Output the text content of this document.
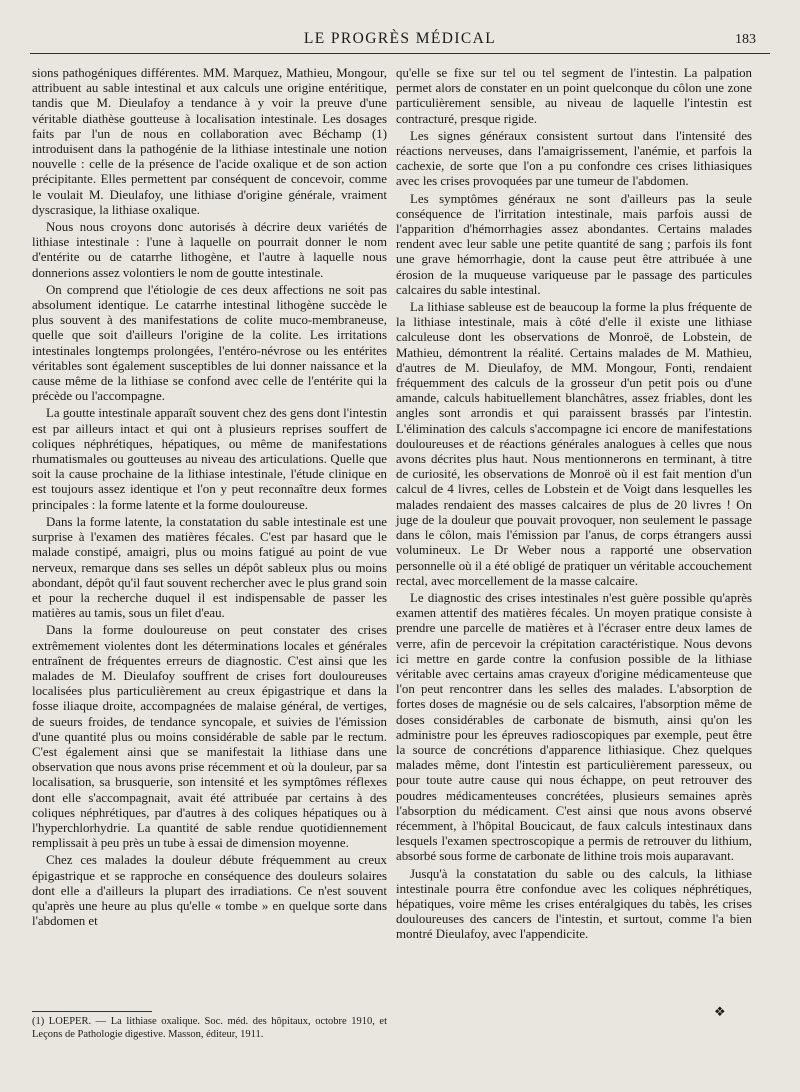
LE PROGRÈS MÉDICAL	183

sions pathogéniques différentes. MM. Marquez, Mathieu, Mongour, attribuent au sable intestinal et aux calculs une origine entéritique, tandis que M. Dieulafoy a tendance à y voir la preuve d'une véritable diathèse goutteuse à localisation intestinale. Les dosages faits par l'un de nous en collaboration avec Béchamp (1) introduisent dans la pathogénie de la lithiase intestinale une notion nouvelle : celle de la présence de l'acide oxalique et de son action précipitante. Elles permettent par conséquent de concevoir, comme le voulait M. Dieulafoy, une lithiase d'origine générale, vraiment dyscrasique, la lithiase oxalique.

Nous nous croyons donc autorisés à décrire deux variétés de lithiase intestinale : l'une à laquelle on pourrait donner le nom d'entérite ou de catarrhe lithogène, et l'autre à laquelle nous donnerions assez volontiers le nom de goutte intestinale.

On comprend que l'étiologie de ces deux affections ne soit pas absolument identique. Le catarrhe intestinal lithogène succède le plus souvent à des manifestations de colite muco-membraneuse, quelle que soit d'ailleurs l'origine de la colite. Les irritations intestinales longtemps prolongées, l'entéro-névrose ou les entérites véritables sont également susceptibles de lui donner naissance et la cause même de la lithiase se confond avec celle de l'entérite qui la précède ou l'accompagne.

La goutte intestinale apparaît souvent chez des gens dont l'intestin est par ailleurs intact et qui ont à plusieurs reprises souffert de coliques néphrétiques, hépatiques, ou même de manifestations rhumatismales ou goutteuses au niveau des articulations. Quelle que soit la cause prochaine de la lithiase intestinale, l'étude clinique en est toujours assez identique et l'on y peut reconnaître deux formes principales : la forme latente et la forme douloureuse.

Dans la forme latente, la constatation du sable intestinale est une surprise à l'examen des matières fécales. C'est par hasard que le malade constipé, amaigri, plus ou moins fatigué au point de vue nerveux, remarque dans ses selles un dépôt sableux plus ou moins abondant, dépôt qu'il faut souvent rechercher avec le plus grand soin et pour la recherche duquel il est indispensable de passer les matières au tamis, sous un filet d'eau.

Dans la forme douloureuse on peut constater des crises extrêmement violentes dont les déterminations locales et générales entraînent de fréquentes erreurs de diagnostic. C'est ainsi que les malades de M. Dieulafoy souffrent de crises fort douloureuses localisées plus particulièrement au creux épigastrique et dans la fosse iliaque droite, accompagnées de malaise général, de vertiges, de sueurs froides, de tendance syncopale, et suivies de l'émission d'une quantité plus ou moins considérable de sable par le rectum. C'est également ainsi que se manifestait la lithiase dans une observation que nous avons prise récemment et où la douleur, par sa localisation, sa brusquerie, son intensité et les symptômes réflexes dont elle s'accompagnait, avait été attribuée par certains à des coliques néphrétiques, par d'autres à des coliques hépatiques ou à l'hyperchlorhydrie. La quantité de sable rendue quotidiennement remplissait à peu près un tube à essai de dimension moyenne.

Chez ces malades la douleur débute fréquemment au creux épigastrique et se rapproche en conséquence des douleurs solaires dont elle a d'ailleurs la plupart des irradiations. Ce n'est souvent qu'après une heure au plus qu'elle « tombe » en quelque sorte dans l'abdomen et

qu'elle se fixe sur tel ou tel segment de l'intestin. La palpation permet alors de constater en un point quelconque du côlon une zone particulièrement sensible, au niveau de laquelle l'intestin est contracturé, presque rigide.

Les signes généraux consistent surtout dans l'intensité des réactions nerveuses, dans l'amaigrissement, l'anémie, et parfois la cachexie, de sorte que l'on a pu confondre ces crises lithiasiques avec les crises provoquées par une tumeur de l'abdomen.

Les symptômes généraux ne sont d'ailleurs pas la seule conséquence de l'irritation intestinale, mais parfois aussi de l'apparition d'hémorrhagies assez abondantes. Certains malades rendent avec leur sable une petite quantité de sang ; parfois ils font une grave hémorrhagie, dont la cause peut être attribuée à une érosion de la muqueuse variqueuse par le passage des particules calcaires du sable intestinal.

La lithiase sableuse est de beaucoup la forme la plus fréquente de la lithiase intestinale, mais à côté d'elle il existe une lithiase calculeuse dont les observations de Monroë, de Lobstein, de Mathieu, démontrent la réalité. Certains malades de M. Mathieu, d'autres de M. Dieulafoy, de MM. Mongour, Fonti, rendaient fréquemment des calculs de la grosseur d'un petit pois ou d'une amande, calculs habituellement blanchâtres, assez friables, dont les angles sont arrondis et qui paraissent brassés par l'intestin. L'élimination des calculs s'accompagne ici encore de manifestations douloureuses et de réactions générales analogues à celles que nous avons décrites plus haut. Nous mentionnerons en terminant, à titre de curiosité, les observations de Monroë où il est fait mention d'un calcul de 4 livres, celles de Lobstein et de Voigt dans lesquelles les malades rendaient des masses calcaires de plus de 20 livres ! On juge de la douleur que pouvait provoquer, non seulement le passage dans le côlon, mais l'émission par l'anus, de corps étrangers aussi volumineux. Le Dr Weber nous a rapporté une observation personnelle où il a été obligé de pratiquer un véritable accouchement rectal, avec morcellement de la masse calcaire.

Le diagnostic des crises intestinales n'est guère possible qu'après examen attentif des matières fécales. Un moyen pratique consiste à prendre une parcelle de matières et à l'écraser entre deux lames de verre, afin de percevoir la crépitation caractéristique. Nous devons ici mettre en garde contre la confusion possible de la lithiase véritable avec certains amas crayeux d'origine médicamenteuse que l'on peut rencontrer dans les selles des malades. L'absorption de fortes doses de magnésie ou de sels calcaires, l'absorption même de doses considérables de carbonate de bismuth, ainsi qu'on les administre pour les épreuves radioscopiques par exemple, peut être la source de concrétions d'apparence lithiasique. Chez quelques malades même, dont l'intestin est particulièrement paresseux, ou pour toute autre cause qui nous échappe, on peut retrouver des poudres médicamenteuses concrétées, plusieurs semaines après l'absorption du médicament. C'est ainsi que nous avons observé récemment, à l'hôpital Boucicaut, de faux calculs intestinaux dans lesquels l'examen spectroscopique a permis de retrouver du lithium, absorbé sous forme de carbonate de lithine trois mois auparavant.

Jusqu'à la constatation du sable ou des calculs, la lithiase intestinale pourra être confondue avec les coliques néphrétiques, hépatiques, voire même les crises entéralgiques du tabès, les crises douloureuses des cancers de l'intestin, et surtout, comme l'a bien montré Dieulafoy, avec l'appendicite.

(1) LOEPER. — La lithiase oxalique. Soc. méd. des hôpitaux, octobre 1910, et Leçons de Pathologie digestive. Masson, éditeur, 1911.
❖
